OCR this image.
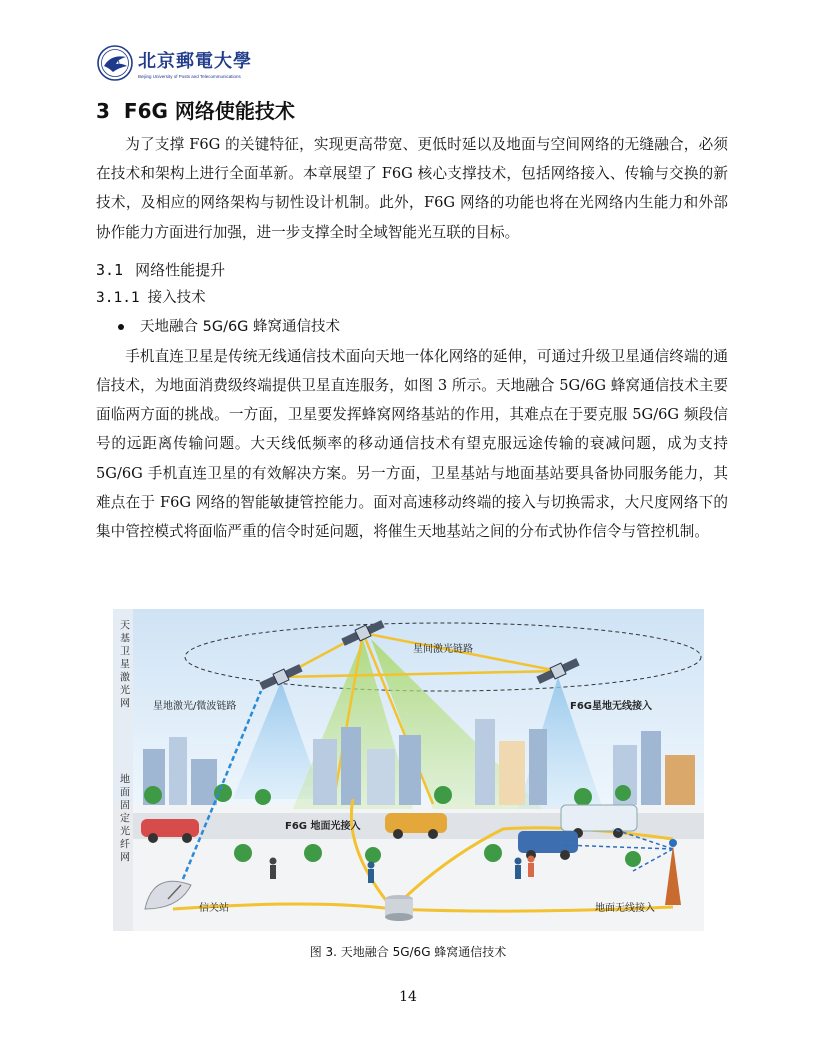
北京郵電大學
Beijing University of Posts and Telecommunications
3 F6G 网络使能技术

为了支撑 F6G 的关键特征，实现更高带宽、更低时延以及地面与空间网络的无缝融合，必须在技术和架构上进行全面革新。本章展望了 F6G 核心支撑技术，包括网络接入、传输与交换的新技术，及相应的网络架构与韧性设计机制。此外，F6G 网络的功能也将在光网络内生能力和外部协作能力方面进行加强，进一步支撑全时全域智能光互联的目标。

3.1 网络性能提升
3.1.1 接入技术
天地融合 5G/6G 蜂窝通信技术

手机直连卫星是传统无线通信技术面向天地一体化网络的延伸，可通过升级卫星通信终端的通信技术，为地面消费级终端提供卫星直连服务，如图 3 所示。天地融合 5G/6G 蜂窝通信技术主要面临两方面的挑战。一方面，卫星要发挥蜂窝网络基站的作用，其难点在于要克服 5G/6G 频段信号的远距离传输问题。大天线低频率的移动通信技术有望克服远途传输的衰减问题，成为支持 5G/6G 手机直连卫星的有效解决方案。另一方面，卫星基站与地面基站要具备协同服务能力，其难点在于 F6G 网络的智能敏捷管控能力。面对高速移动终端的接入与切换需求，大尺度网络下的集中管控模式将面临严重的信令时延问题，将催生天地基站之间的分布式协作信令与管控机制。

天基卫星激光网
地面固定光纤网
星间激光链路
星地激光/微波链路	F6G星地无线接入
F6G 地面光接入
信关站	地面无线接入
图 3. 天地融合 5G/6G 蜂窝通信技术
14
